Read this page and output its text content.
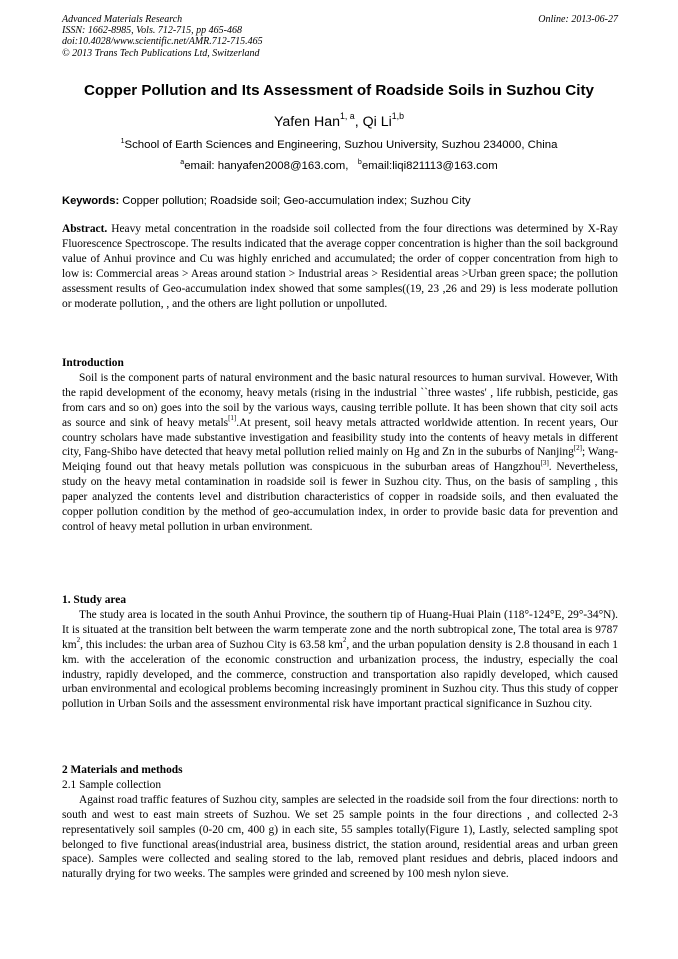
Advanced Materials Research	Online: 2013-06-27
ISSN: 1662-8985, Vols. 712-715, pp 465-468
doi:10.4028/www.scientific.net/AMR.712-715.465
© 2013 Trans Tech Publications Ltd, Switzerland
Copper Pollution and Its Assessment of Roadside Soils in Suzhou City
Yafen Han$^{1, a}$, Qi Li$^{1,b}$
$^1$School of Earth Sciences and Engineering, Suzhou University, Suzhou 234000, China
$^a$email: hanyafen2008@163.com, $^b$email:liqi821113@163.com
Keywords: Copper pollution; Roadside soil; Geo-accumulation index; Suzhou City

Abstract. Heavy metal concentration in the roadside soil collected from the four directions was determined by X-Ray Fluorescence Spectroscope. The results indicated that the average copper concentration is higher than the soil background value of Anhui province and Cu was highly enriched and accumulated; the order of copper concentration from high to low is: Commercial areas > Areas around station > Industrial areas > Residential areas >Urban green space; the pollution assessment results of Geo-accumulation index showed that some samples((19, 23 ,26 and 29) is less moderate pollution or moderate pollution, , and the others are light pollution or unpolluted.

Introduction

Soil is the component parts of natural environment and the basic natural resources to human survival. However, With the rapid development of the economy, heavy metals (rising in the industrial ``three wastes' , life rubbish, pesticide, gas from cars and so on) goes into the soil by the various ways, causing terrible pollute. It has been shown that city soil acts as source and sink of heavy metals[1].At present, soil heavy metals attracted worldwide attention. In recent years, Our country scholars have made substantive investigation and feasibility study into the contents of heavy metals in different city, Fang-Shibo have detected that heavy metal pollution relied mainly on Hg and Zn in the suburbs of Nanjing[2]; Wang-Meiqing found out that heavy metals pollution was conspicuous in the suburban areas of Hangzhou[3]. Nevertheless, study on the heavy metal contamination in roadside soil is fewer in Suzhou city. Thus, on the basis of sampling , this paper analyzed the contents level and distribution characteristics of copper in roadside soils, and then evaluated the copper pollution condition by the method of geo-accumulation index, in order to provide basic data for prevention and control of heavy metal pollution in urban environment.

1. Study area

The study area is located in the south Anhui Province, the southern tip of Huang-Huai Plain (118°-124°E, 29°-34°N). It is situated at the transition belt between the warm temperate zone and the north subtropical zone, The total area is 9787 $km^2$, this includes: the urban area of Suzhou City is 63.58 $km^2$, and the urban population density is 2.8 thousand in each 1 km. with the acceleration of the economic construction and urbanization process, the industry, especially the coal industry, rapidly developed, and the commerce, construction and transportation also rapidly developed, which caused urban environmental and ecological problems becoming increasingly prominent in Suzhou city. Thus this study of copper pollution in Urban Soils and the assessment environmental risk have important practical significance in Suzhou city.

2 Materials and methods

2.1 Sample collection

Against road traffic features of Suzhou city, samples are selected in the roadside soil from the four directions: north to south and west to east main streets of Suzhou. We set 25 sample points in the four directions , and collected 2-3 representatively soil samples (0-20 cm, 400 g) in each site, 55 samples totally(Figure 1), Lastly, selected sampling spot belonged to five functional areas(industrial area, business district, the station around, residential areas and urban green space). Samples were collected and sealing stored to the lab, removed plant residues and debris, placed indoors and naturally drying for two weeks. The samples were grinded and screened by 100 mesh nylon sieve.
